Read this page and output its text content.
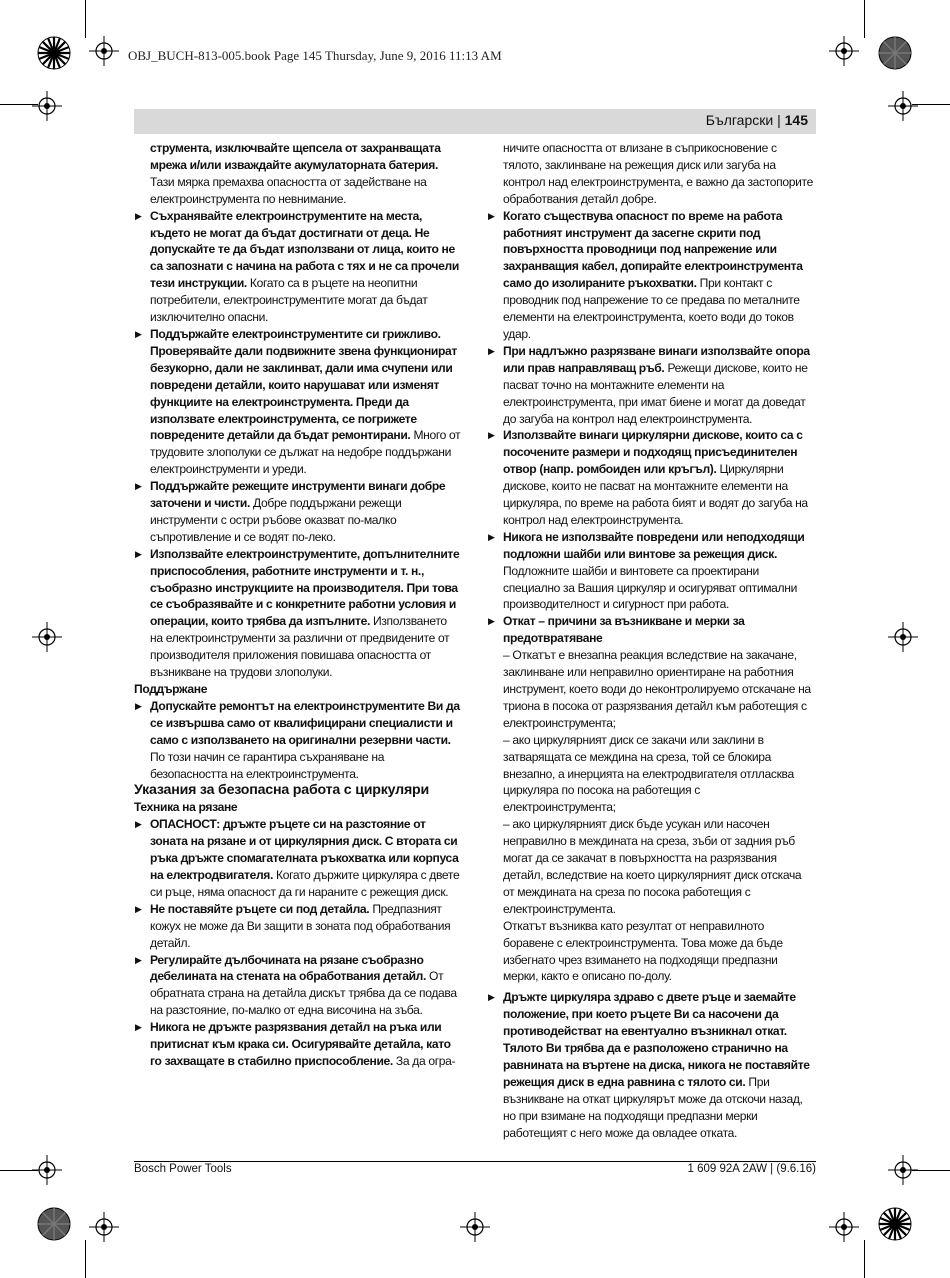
OBJ_BUCH-813-005.book Page 145 Thursday, June 9, 2016 11:13 AM
Български | 145

струмента, изключвайте щепсела от захранващата мрежа и/или изваждайте акумулаторната батерия. Тази мярка премахва опасността от задействане на електроинструмента по невнимание.

▶ Съхранявайте електроинструментите на места, където не могат да бъдат достигнати от деца. Не допускайте те да бъдат използвани от лица, които не са запознати с начина на работа с тях и не са прочели тези инструкции. Когато са в ръцете на неопитни потребители, електроинструментите могат да бъдат изключително опасни.

▶ Поддържайте електроинструментите си грижливо. Проверявайте дали подвижните звена функционират безукорно, дали не заклинват, дали има счупени или повредени детайли, които нарушават или изменят функциите на електроинструмента. Преди да използвате електроинструмента, се погрижете повредените детайли да бъдат ремонтирани. Много от трудовите злополуки се дължат на недобре поддържани електроинструменти и уреди.

▶ Поддържайте режещите инструменти винаги добре заточени и чисти. Добре поддържани режещи инструменти с остри ръбове оказват по-малко съпротивление и се водят по-леко.

▶ Използвайте електроинструментите, допълнителните приспособления, работните инструменти и т. н., съобразно инструкциите на производителя. При това се съобразявайте и с конкретните работни условия и операции, които трябва да изпълните. Използването на електроинструменти за различни от предвидените от производителя приложения повишава опасността от възникване на трудови злополуки.

Поддържане

▶ Допускайте ремонтът на електроинструментите Ви да се извършва само от квалифицирани специалисти и само с използването на оригинални резервни части. По този начин се гарантира съхраняване на безопасността на електроинструмента.

Указания за безопасна работа с циркуляри

Техника на рязане

▶ ОПАСНОСТ: дръжте ръцете си на разстояние от зоната на рязане и от циркулярния диск. С втората си ръка дръжте спомагателната ръкохватка или корпуса на електродвигателя. Когато държите циркуляра с двете си ръце, няма опасност да ги нараните с режещия диск.

▶ Не поставяйте ръцете си под детайла. Предпазният кожух не може да Ви защити в зоната под обработвания детайл.

▶ Регулирайте дълбочината на рязане съобразно дебелината на стената на обработвания детайл. От обратната страна на детайла дискът трябва да се подава на разстояние, по-малко от една височина на зъба.

▶ Никога не дръжте разрязвания детайл на ръка или притиснат към крака си. Осигурявайте детайла, като го захващате в стабилно приспособление. За да огра-

ничите опасността от влизане в съприкосновение с тялото, заклинване на режещия диск или загуба на контрол над електроинструмента, е важно да застопорите обработвания детайл добре.

▶ Когато съществува опасност по време на работа работният инструмент да засегне скрити под повърхността проводници под напрежение или захранващия кабел, допирайте електроинструмента само до изолираните ръкохватки. При контакт с проводник под напрежение то се предава по металните елементи на електроинструмента, което води до токов удар.

▶ При надлъжно разрязване винаги използвайте опора или прав направляващ ръб. Режещи дискове, които не пасват точно на монтажните елементи на електроинструмента, при имат биене и могат да доведат до загуба на контрол над електроинструмента.

▶ Използвайте винаги циркулярни дискове, които са с посочените размери и подходящ присъединителен отвор (напр. ромбоиден или кръгъл). Циркулярни дискове, които не пасват на монтажните елементи на циркуляра, по време на работа бият и водят до загуба на контрол над електроинструмента.

▶ Никога не използвайте повредени или неподходящи подложни шайби или винтове за режещия диск. Подложните шайби и винтовете са проектирани специално за Вашия циркуляр и осигуряват оптимални производителност и сигурност при работа.

▶ Откат – причини за възникване и мерки за предотвратяване

– Откатът е внезапна реакция вследствие на закачане, заклинване или неправилно ориентиране на работния инструмент, което води до неконтролируемо отскачане на триона в посока от разрязвания детайл към работещия с електроинструмента;

– ако циркулярният диск се закачи или заклини в затварящата се междина на среза, той се блокира внезапно, а инерцията на електродвигателя отлласква циркуляра по посока на работещия с електроинструмента;

– ако циркулярният диск бъде усукан или насочен неправилно в междината на среза, зъби от задния ръб могат да се закачат в повърхността на разрязвания детайл, вследствие на което циркулярният диск отскача от междината на среза по посока работещия с електроинструмента.

Откатът възниква като резултат от неправилното боравене с електроинструмента. Това може да бъде избегнато чрез взимането на подходящи предпазни мерки, както е описано по-долу.

▶ Дръжте циркуляра здраво с двете ръце и заемайте положение, при което ръцете Ви са насочени да противодействат на евентуално възникнал откат. Тялото Ви трябва да е разположено странично на равнината на въртене на диска, никога не поставяйте режещия диск в една равнина с тялото си. При възникване на откат циркулярът може да отскочи назад, но при взимане на подходящи предпазни мерки работещият с него може да овладее отката.

Bosch Power Tools	1 609 92A 2AW | (9.6.16)
